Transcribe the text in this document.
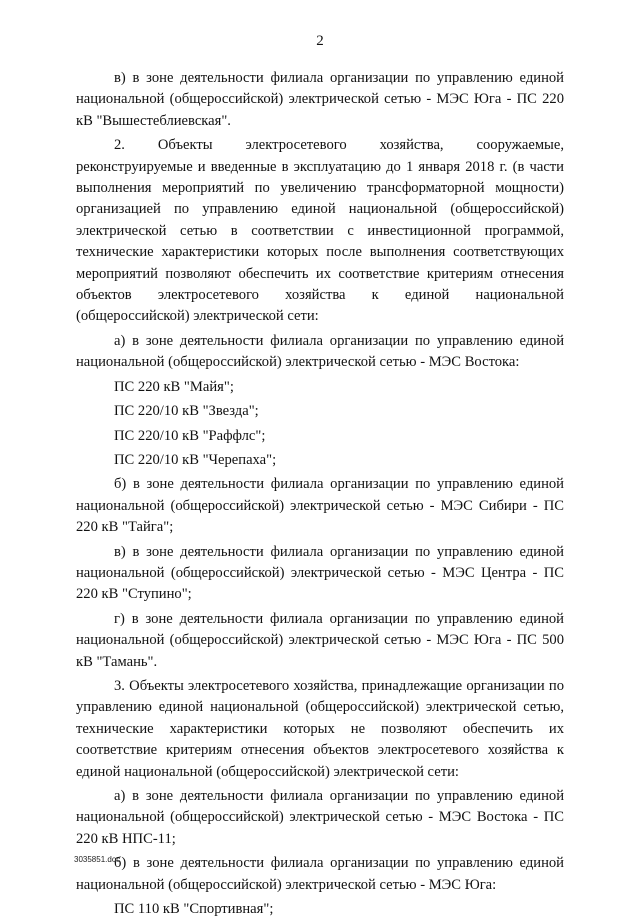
2

в) в зоне деятельности филиала организации по управлению единой национальной (общероссийской) электрической сетью - МЭС Юга - ПС 220 кВ "Вышестеблиевская".

2. Объекты электросетевого хозяйства, сооружаемые, реконструируемые и введенные в эксплуатацию до 1 января 2018 г. (в части выполнения мероприятий по увеличению трансформаторной мощности) организацией по управлению единой национальной (общероссийской) электрической сетью в соответствии с инвестиционной программой, технические характеристики которых после выполнения соответствующих мероприятий позволяют обеспечить их соответствие критериям отнесения объектов электросетевого хозяйства к единой национальной (общероссийской) электрической сети:

а) в зоне деятельности филиала организации по управлению единой национальной (общероссийской) электрической сетью - МЭС Востока:

ПС 220 кВ "Майя";

ПС 220/10 кВ "Звезда";

ПС 220/10 кВ "Раффлс";

ПС 220/10 кВ "Черепаха";

б) в зоне деятельности филиала организации по управлению единой национальной (общероссийской) электрической сетью - МЭС Сибири - ПС 220 кВ "Тайга";

в) в зоне деятельности филиала организации по управлению единой национальной (общероссийской) электрической сетью - МЭС Центра - ПС 220 кВ "Ступино";

г) в зоне деятельности филиала организации по управлению единой национальной (общероссийской) электрической сетью - МЭС Юга - ПС 500 кВ "Тамань".

3. Объекты электросетевого хозяйства, принадлежащие организации по управлению единой национальной (общероссийской) электрической сетью, технические характеристики которых не позволяют обеспечить их соответствие критериям отнесения объектов электросетевого хозяйства к единой национальной (общероссийской) электрической сети:

а) в зоне деятельности филиала организации по управлению единой национальной (общероссийской) электрической сетью - МЭС Востока - ПС 220 кВ НПС-11;

б) в зоне деятельности филиала организации по управлению единой национальной (общероссийской) электрической сетью - МЭС Юга:

ПС 110 кВ "Спортивная";

3035851.doc
